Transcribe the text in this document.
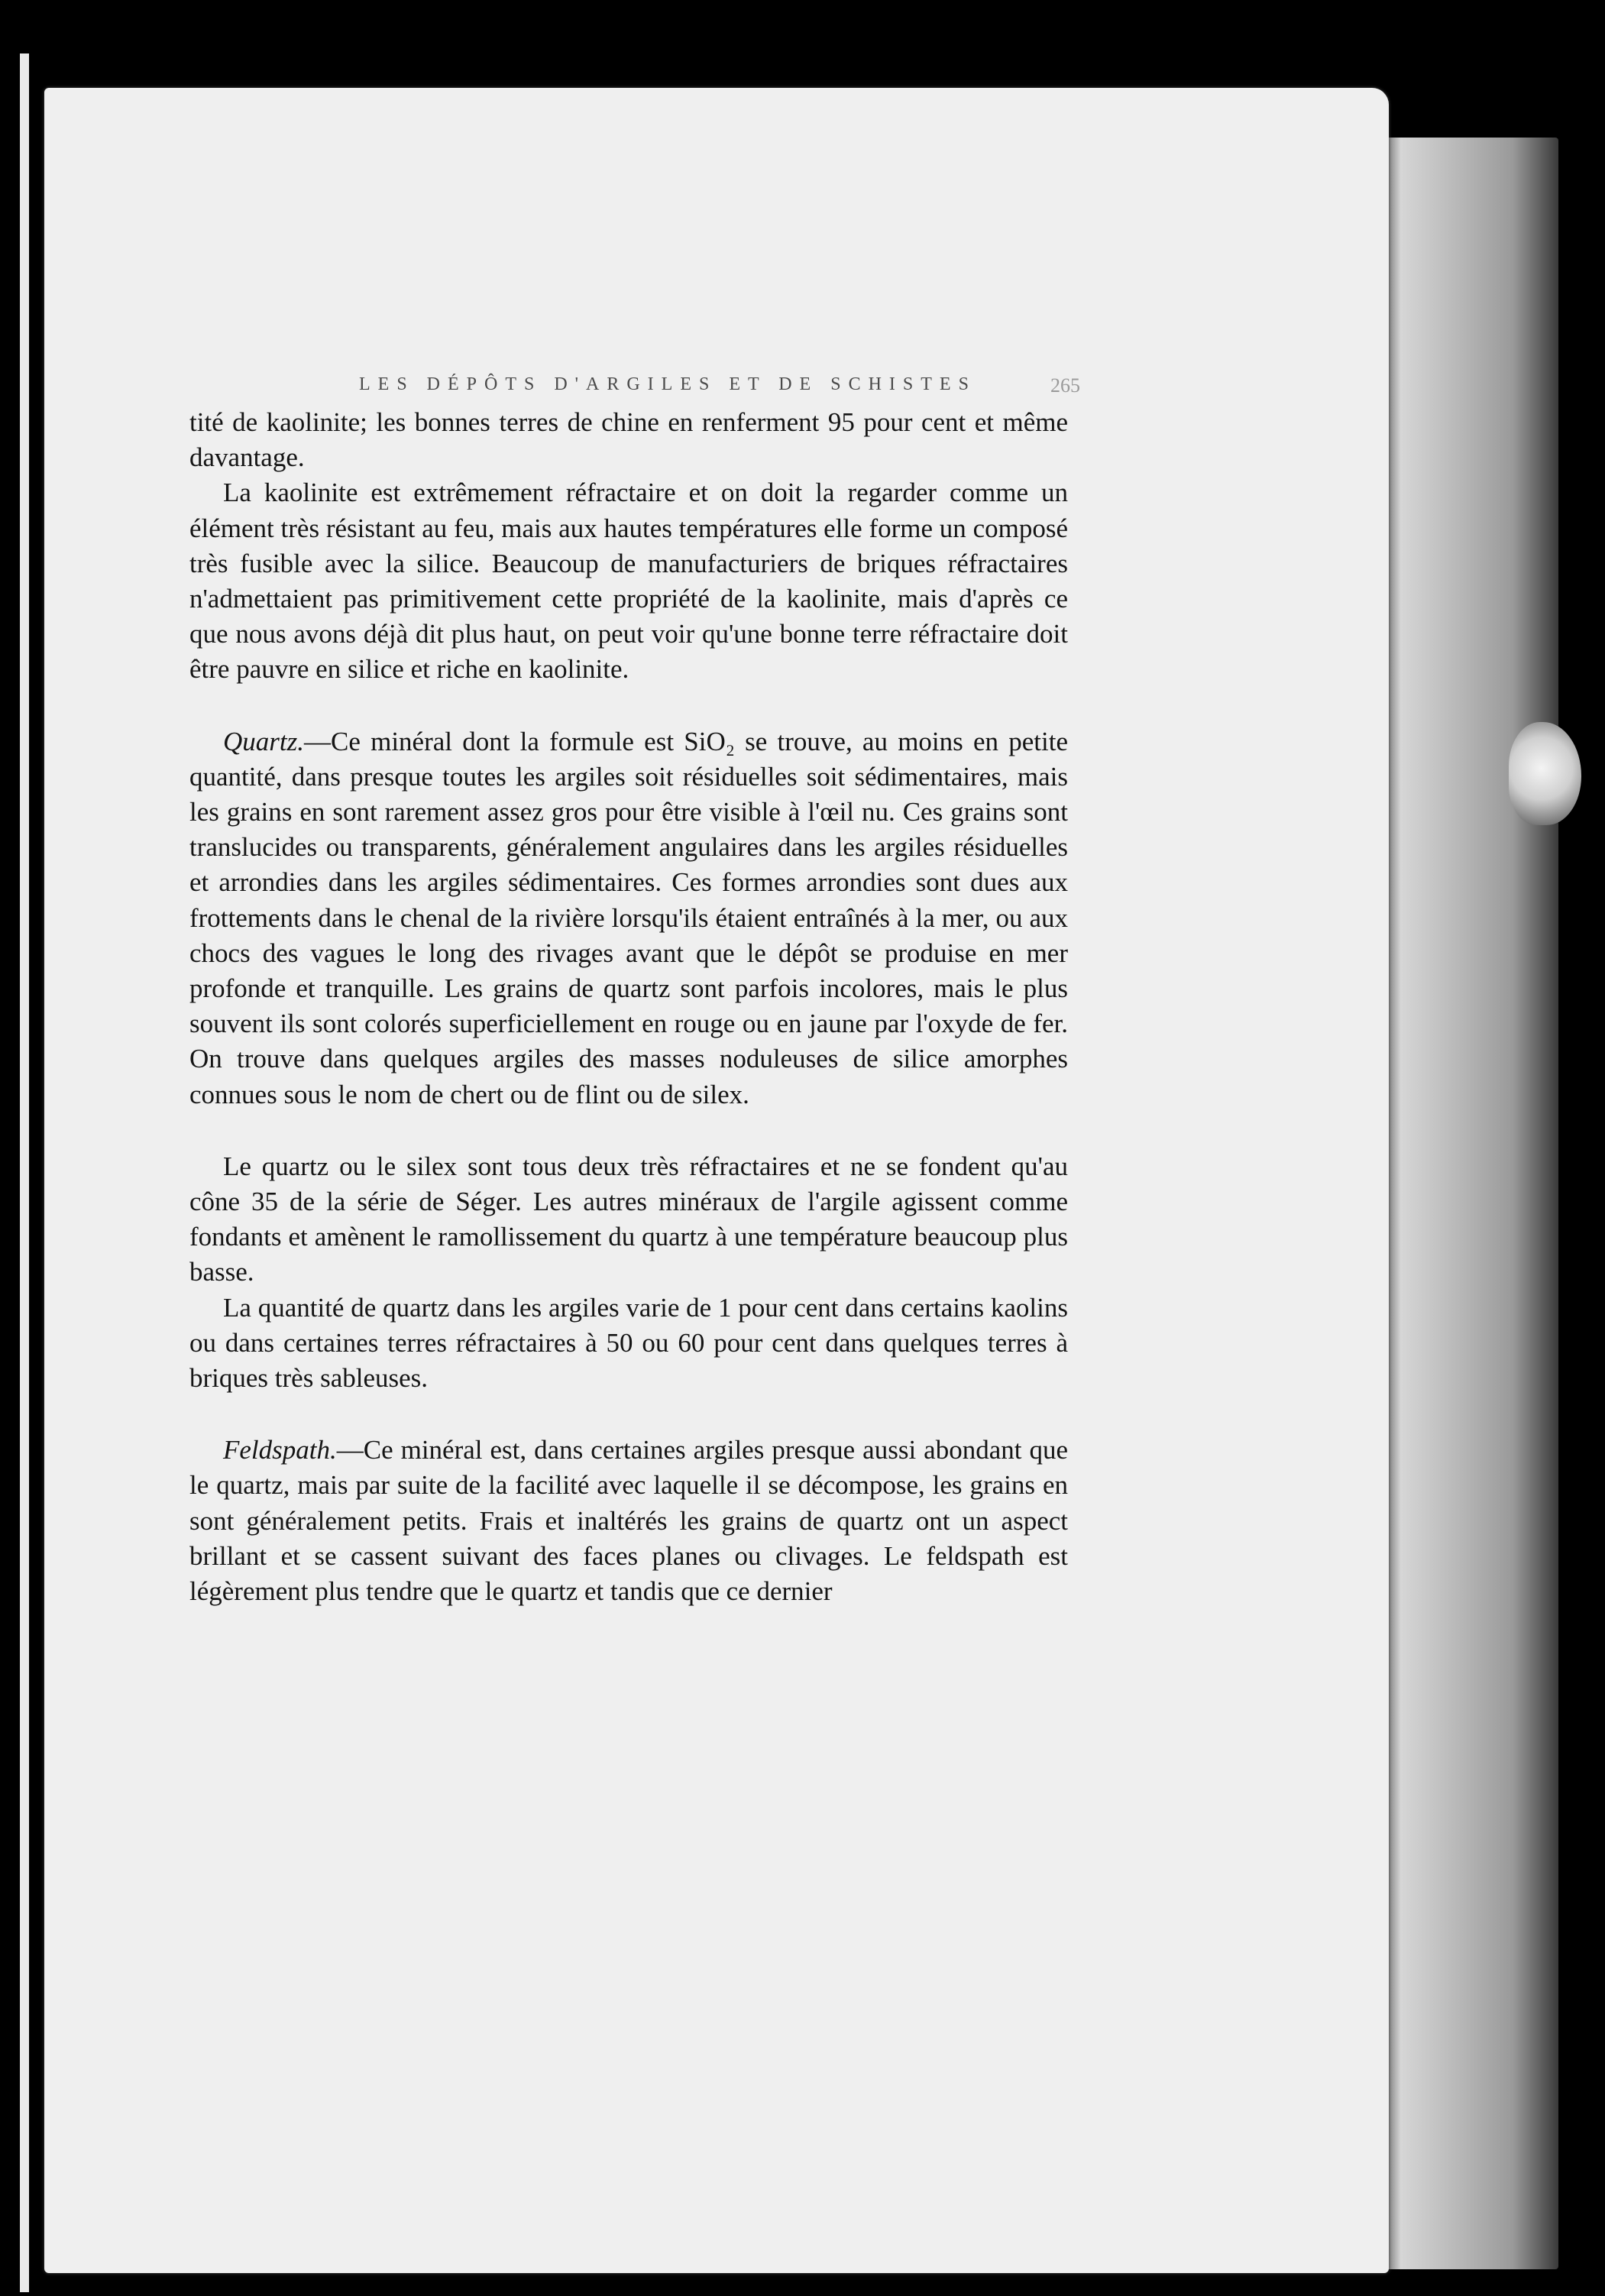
LES DÉPÔTS D'ARGILES ET DE SCHISTES	265

tité de kaolinite; les bonnes terres de chine en renferment 95 pour cent et même davantage.

La kaolinite est extrêmement réfractaire et on doit la regarder comme un élément très résistant au feu, mais aux hautes températures elle forme un composé très fusible avec la silice. Beaucoup de manufacturiers de briques réfractaires n'admettaient pas primitivement cette propriété de la kaolinite, mais d'après ce que nous avons déjà dit plus haut, on peut voir qu'une bonne terre réfractaire doit être pauvre en silice et riche en kaolinite.

Quartz.—Ce minéral dont la formule est SiO₂ se trouve, au moins en petite quantité, dans presque toutes les argiles soit résiduelles soit sédimentaires, mais les grains en sont rarement assez gros pour être visible à l'œil nu. Ces grains sont translucides ou transparents, généralement angulaires dans les argiles résiduelles et arrondies dans les argiles sédimentaires. Ces formes arrondies sont dues aux frottements dans le chenal de la rivière lorsqu'ils étaient entraînés à la mer, ou aux chocs des vagues le long des rivages avant que le dépôt se produise en mer profonde et tranquille. Les grains de quartz sont parfois incolores, mais le plus souvent ils sont colorés superficiellement en rouge ou en jaune par l'oxyde de fer. On trouve dans quelques argiles des masses noduleuses de silice amorphes connues sous le nom de chert ou de flint ou de silex.

Le quartz ou le silex sont tous deux très réfractaires et ne se fondent qu'au cône 35 de la série de Séger. Les autres minéraux de l'argile agissent comme fondants et amènent le ramollissement du quartz à une température beaucoup plus basse.

La quantité de quartz dans les argiles varie de 1 pour cent dans certains kaolins ou dans certaines terres réfractaires à 50 ou 60 pour cent dans quelques terres à briques très sableuses.

Feldspath.—Ce minéral est, dans certaines argiles presque aussi abondant que le quartz, mais par suite de la facilité avec laquelle il se décompose, les grains en sont généralement petits. Frais et inaltérés les grains de quartz ont un aspect brillant et se cassent suivant des faces planes ou clivages. Le feldspath est légèrement plus tendre que le quartz et tandis que ce dernier
